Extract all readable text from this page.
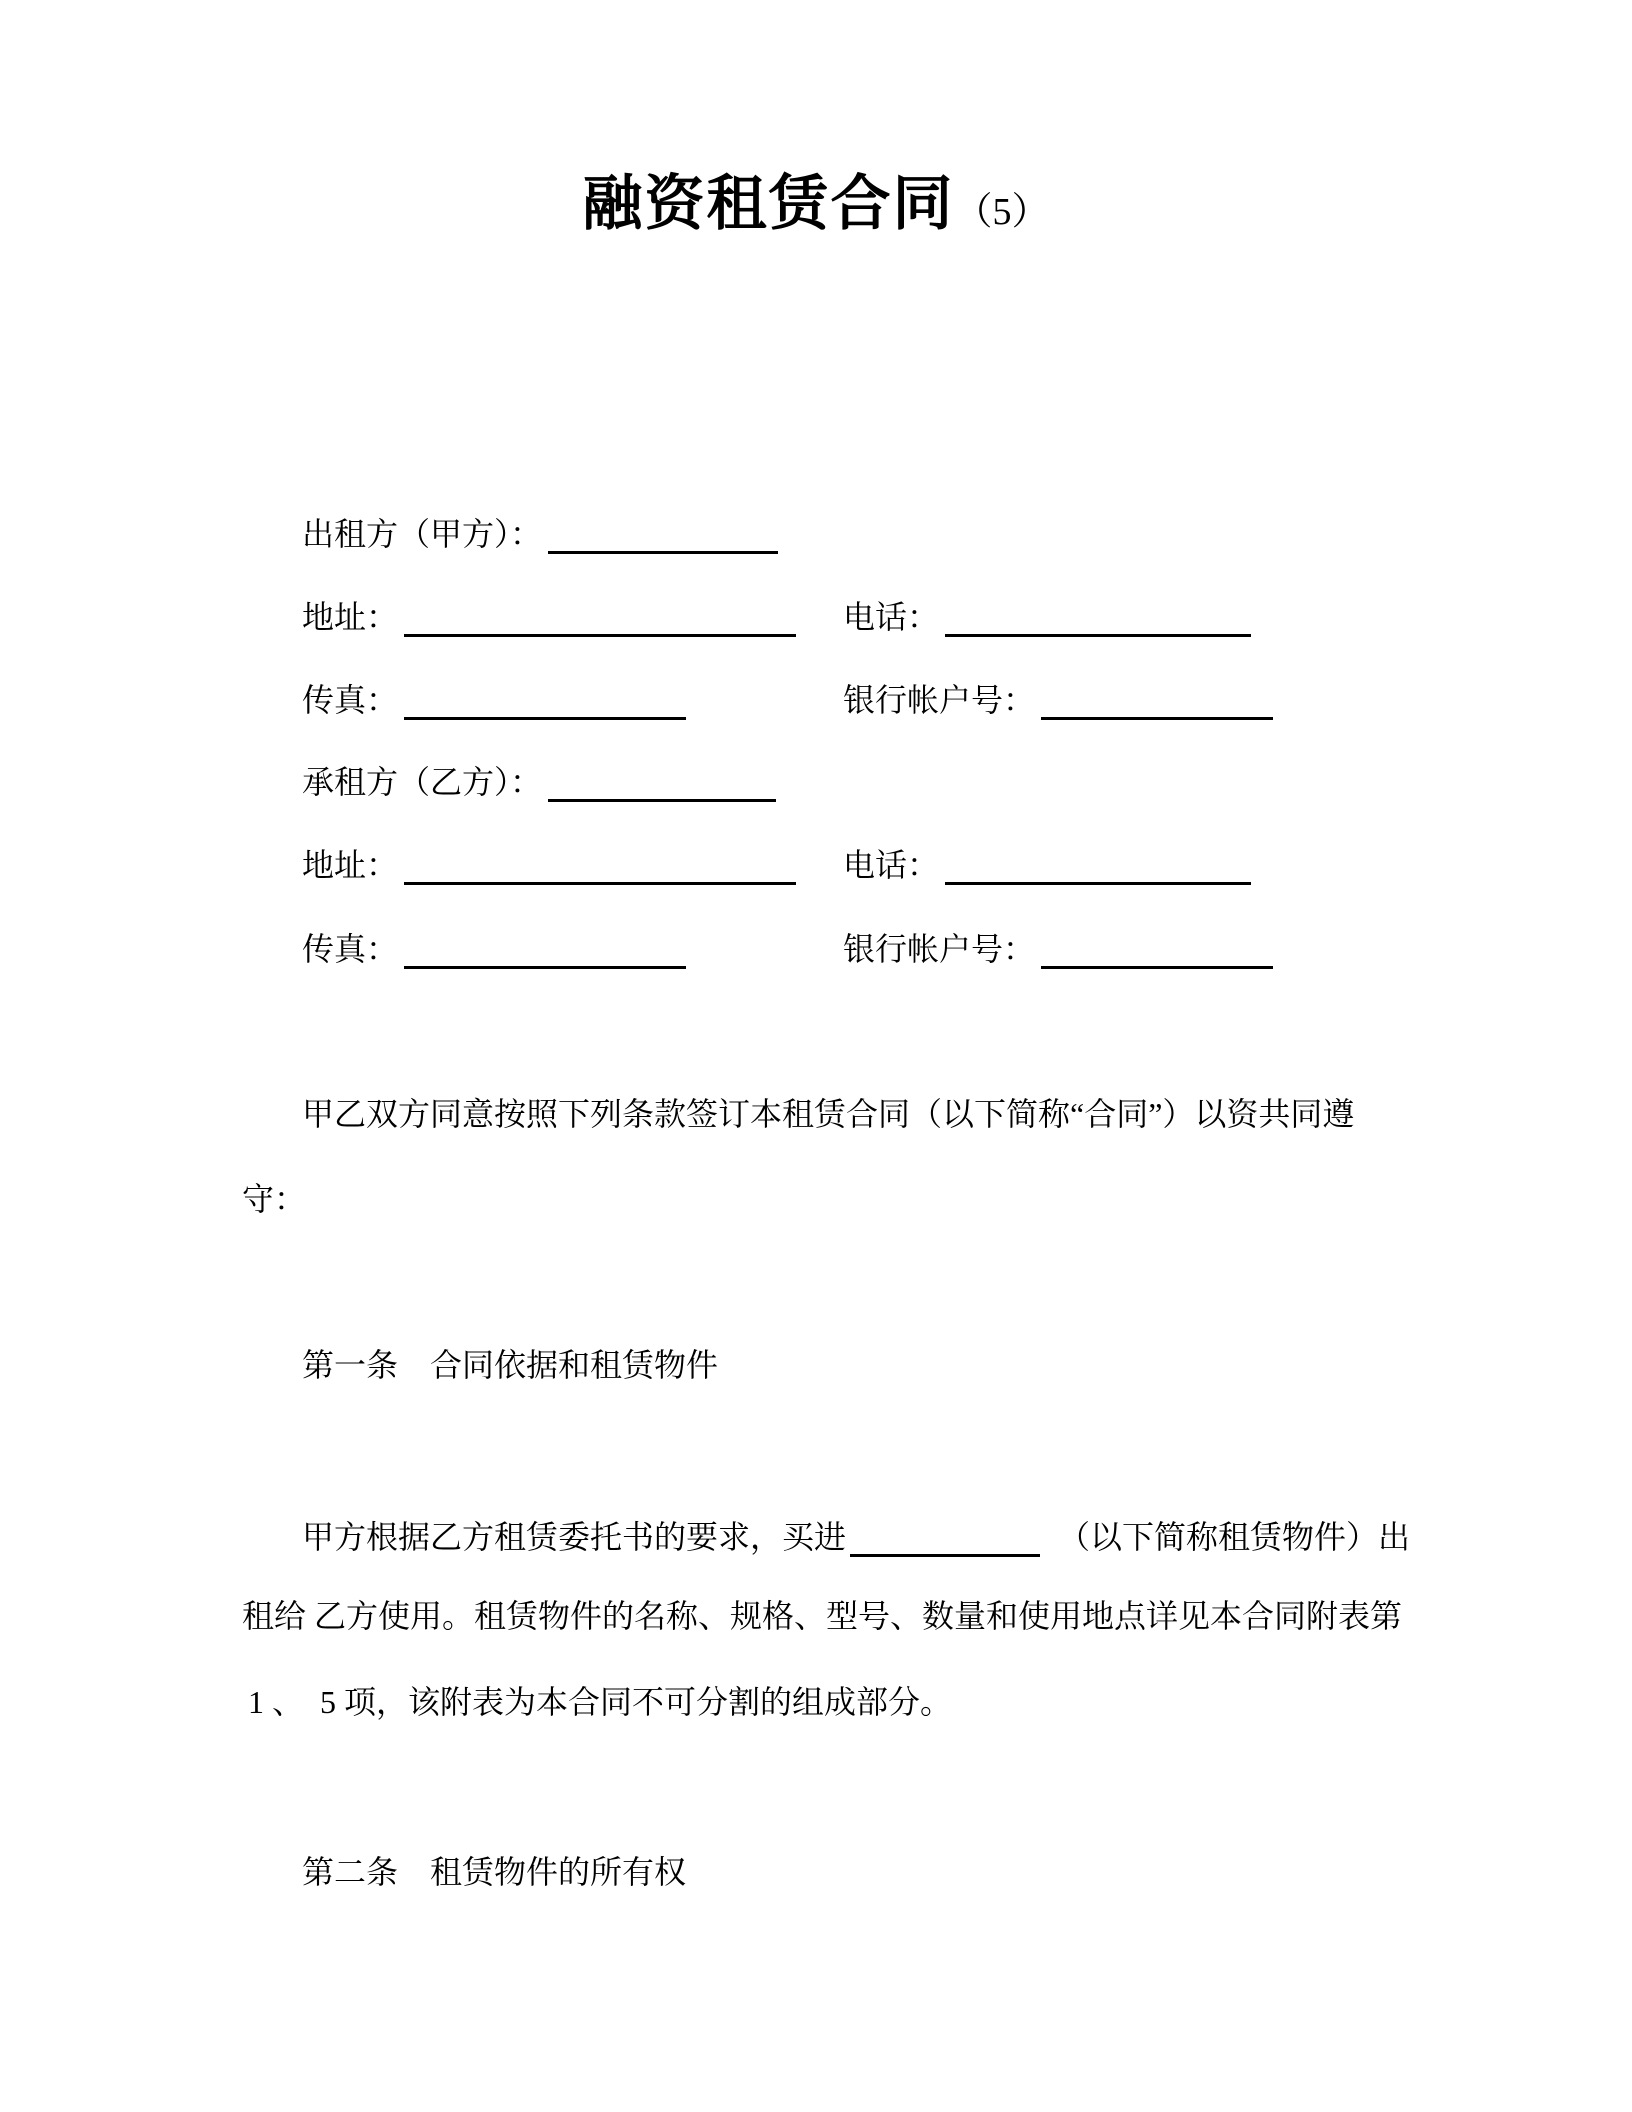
融资租赁合同（5）
出租方（甲方）：
地址：	电话：
传真：	银行帐户号：
承租方（乙方）：
地址：	电话：
传真：	银行帐户号：
甲乙双方同意按照下列条款签订本租赁合同（以下简称“合同”）以资共同遵
守：
第一条　合同依据和租赁物件
甲方根据乙方租赁委托书的要求，买进	（以下简称租赁物件）出
租给 乙方使用。租赁物件的名称、规格、型号、数量和使用地点详见本合同附表第
1 、　5 项，该附表为本合同不可分割的组成部分。
第二条　租赁物件的所有权
